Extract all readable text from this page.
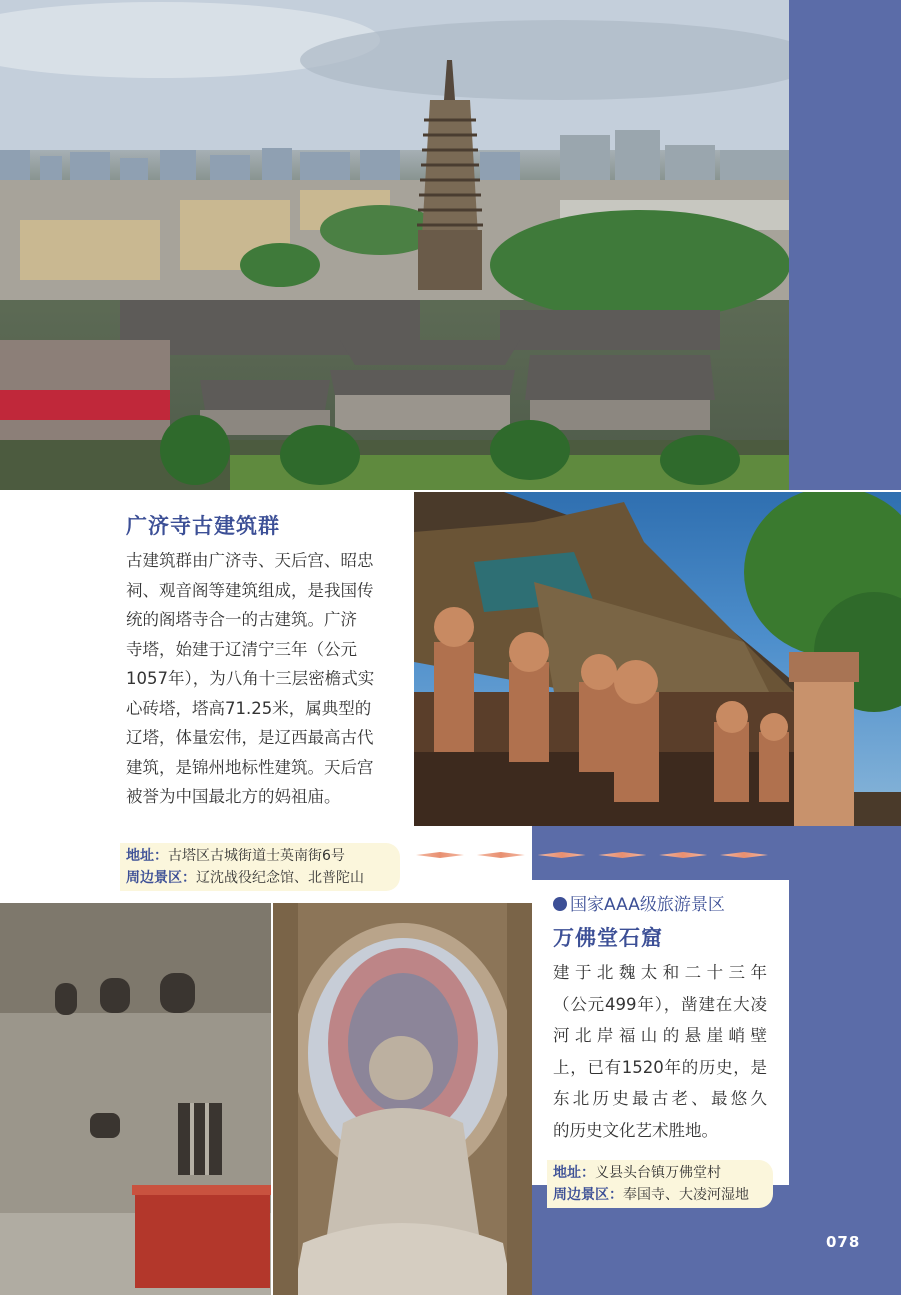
广济寺古建筑群
古建筑群由广济寺、天后宫、昭忠
祠、观音阁等建筑组成，是我国传
统的阁塔寺合一的古建筑。广济
寺塔，始建于辽清宁三年（公元
1057年），为八角十三层密檐式实
心砖塔，塔高71.25米，属典型的
辽塔，体量宏伟，是辽西最高古代
建筑，是锦州地标性建筑。天后宫
被誉为中国最北方的妈祖庙。
地址：古塔区古城街道士英南街6号
周边景区：辽沈战役纪念馆、北普陀山
国家AAA级旅游景区
万佛堂石窟
建于北魏太和二十三年
（公元499年），凿建在大凌
河北岸福山的悬崖峭壁
上，已有1520年的历史，是
东北历史最古老、最悠久
的历史文化艺术胜地。
地址：义县头台镇万佛堂村
周边景区：奉国寺、大凌河湿地
078
